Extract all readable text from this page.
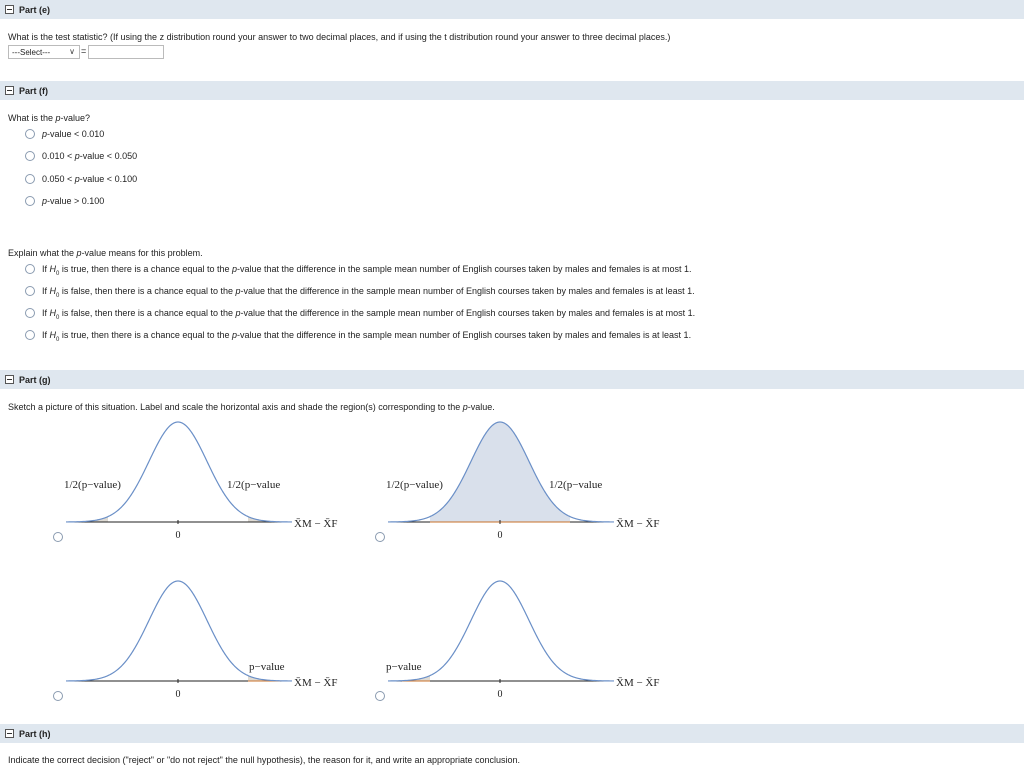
Part (e)
What is the test statistic? (If using the z distribution round your answer to two decimal places, and if using the t distribution round your answer to three decimal places.)
---Select--- ∨ =
Part (f)
What is the p-value?
p-value < 0.010
0.010 < p-value < 0.050
0.050 < p-value < 0.100
p-value > 0.100
Explain what the p-value means for this problem.
If $H_0$ is true, then there is a chance equal to the p-value that the difference in the sample mean number of English courses taken by males and females is at most 1.
If $H_0$ is false, then there is a chance equal to the p-value that the difference in the sample mean number of English courses taken by males and females is at least 1.
If $H_0$ is false, then there is a chance equal to the p-value that the difference in the sample mean number of English courses taken by males and females is at most 1.
If $H_0$ is true, then there is a chance equal to the p-value that the difference in the sample mean number of English courses taken by males and females is at least 1.
Part (g)
Sketch a picture of this situation. Label and scale the horizontal axis and shade the region(s) corresponding to the p-value.
0
X̄M − X̄F
1/2(p−value)	1/2(p−value
0
X̄M − X̄F
1/2(p−value)	1/2(p−value
0
X̄M − X̄F
p−value
0
X̄M − X̄F
p−value
Part (h)
Indicate the correct decision ("reject" or "do not reject" the null hypothesis), the reason for it, and write an appropriate conclusion.
